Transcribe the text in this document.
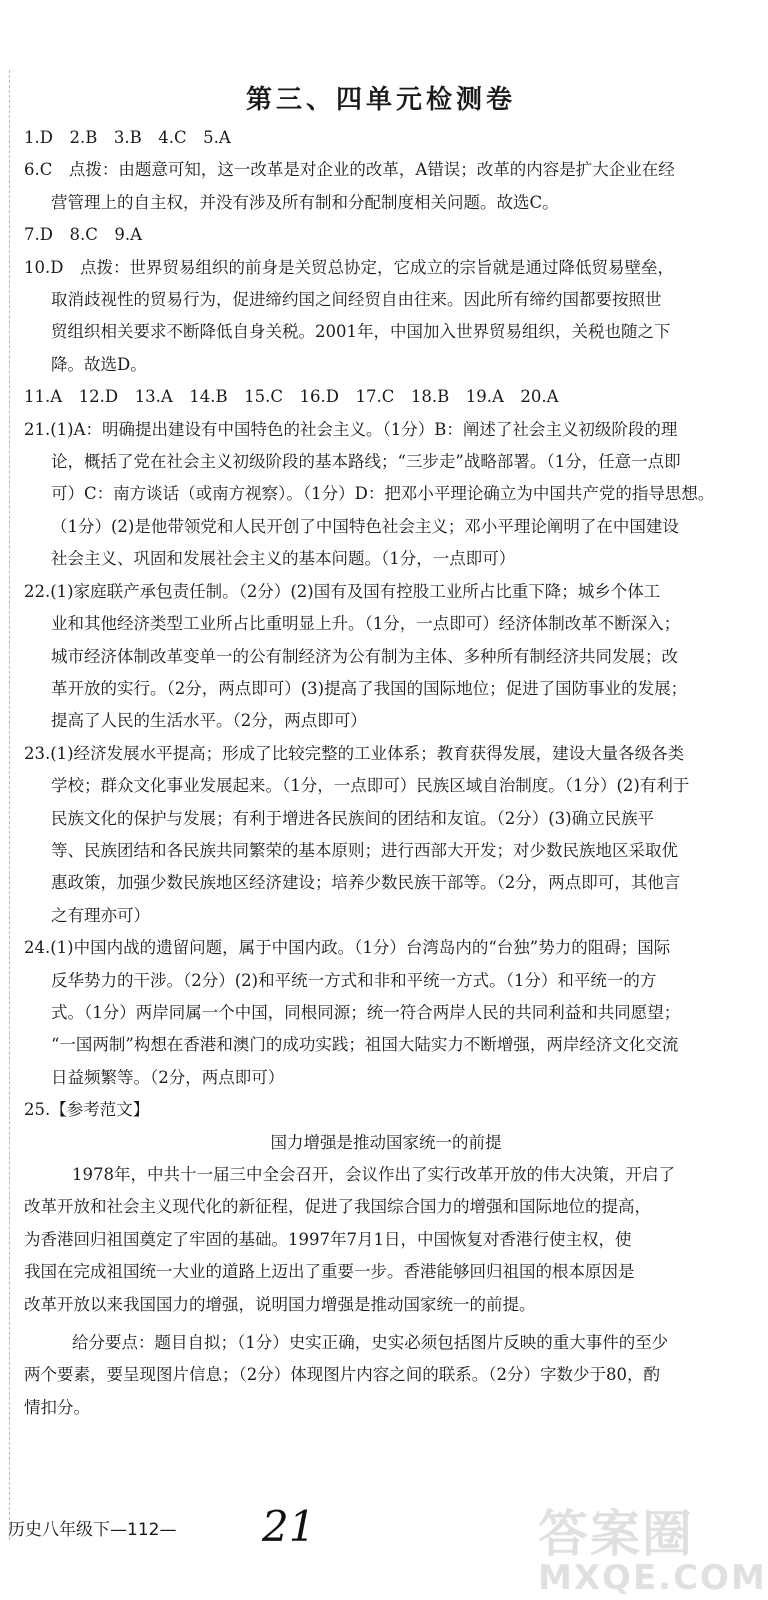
第三、四单元检测卷
1.D　2.B　3.B　4.C　5.A
6.C　点拨：由题意可知，这一改革是对企业的改革，A错误；改革的内容是扩大企业在经
营管理上的自主权，并没有涉及所有制和分配制度相关问题。故选C。
7.D　8.C　9.A
10.D　点拨：世界贸易组织的前身是关贸总协定，它成立的宗旨就是通过降低贸易壁垒，
取消歧视性的贸易行为，促进缔约国之间经贸自由往来。因此所有缔约国都要按照世
贸组织相关要求不断降低自身关税。2001年，中国加入世界贸易组织，关税也随之下
降。故选D。
11.A　12.D　13.A　14.B　15.C　16.D　17.C　18.B　19.A　20.A
21.(1)A：明确提出建设有中国特色的社会主义。（1分）B：阐述了社会主义初级阶段的理
论，概括了党在社会主义初级阶段的基本路线；“三步走”战略部署。（1分，任意一点即
可）C：南方谈话（或南方视察）。（1分）D：把邓小平理论确立为中国共产党的指导思想。
（1分）(2)是他带领党和人民开创了中国特色社会主义；邓小平理论阐明了在中国建设
社会主义、巩固和发展社会主义的基本问题。（1分，一点即可）
22.(1)家庭联产承包责任制。（2分）(2)国有及国有控股工业所占比重下降；城乡个体工
业和其他经济类型工业所占比重明显上升。（1分，一点即可）经济体制改革不断深入；
城市经济体制改革变单一的公有制经济为公有制为主体、多种所有制经济共同发展；改
革开放的实行。（2分，两点即可）(3)提高了我国的国际地位；促进了国防事业的发展；
提高了人民的生活水平。（2分，两点即可）
23.(1)经济发展水平提高；形成了比较完整的工业体系；教育获得发展，建设大量各级各类
学校；群众文化事业发展起来。（1分，一点即可）民族区域自治制度。（1分）(2)有利于
民族文化的保护与发展；有利于增进各民族间的团结和友谊。（2分）(3)确立民族平
等、民族团结和各民族共同繁荣的基本原则；进行西部大开发；对少数民族地区采取优
惠政策，加强少数民族地区经济建设；培养少数民族干部等。（2分，两点即可，其他言
之有理亦可）
24.(1)中国内战的遗留问题，属于中国内政。（1分）台湾岛内的“台独”势力的阻碍；国际
反华势力的干涉。（2分）(2)和平统一方式和非和平统一方式。（1分）和平统一的方
式。（1分）两岸同属一个中国，同根同源；统一符合两岸人民的共同利益和共同愿望；
“一国两制”构想在香港和澳门的成功实践；祖国大陆实力不断增强，两岸经济文化交流
日益频繁等。（2分，两点即可）
25.【参考范文】
国力增强是推动国家统一的前提
1978年，中共十一届三中全会召开，会议作出了实行改革开放的伟大决策，开启了
改革开放和社会主义现代化的新征程，促进了我国综合国力的增强和国际地位的提高，
为香港回归祖国奠定了牢固的基础。1997年7月1日，中国恢复对香港行使主权，使
我国在完成祖国统一大业的道路上迈出了重要一步。香港能够回归祖国的根本原因是
改革开放以来我国国力的增强，说明国力增强是推动国家统一的前提。
给分要点：题目自拟；（1分）史实正确，史实必须包括图片反映的重大事件的至少
两个要素，要呈现图片信息；（2分）体现图片内容之间的联系。（2分）字数少于80，酌
情扣分。
历史八年级下—112— 21	答案圈
MXQE.COM
